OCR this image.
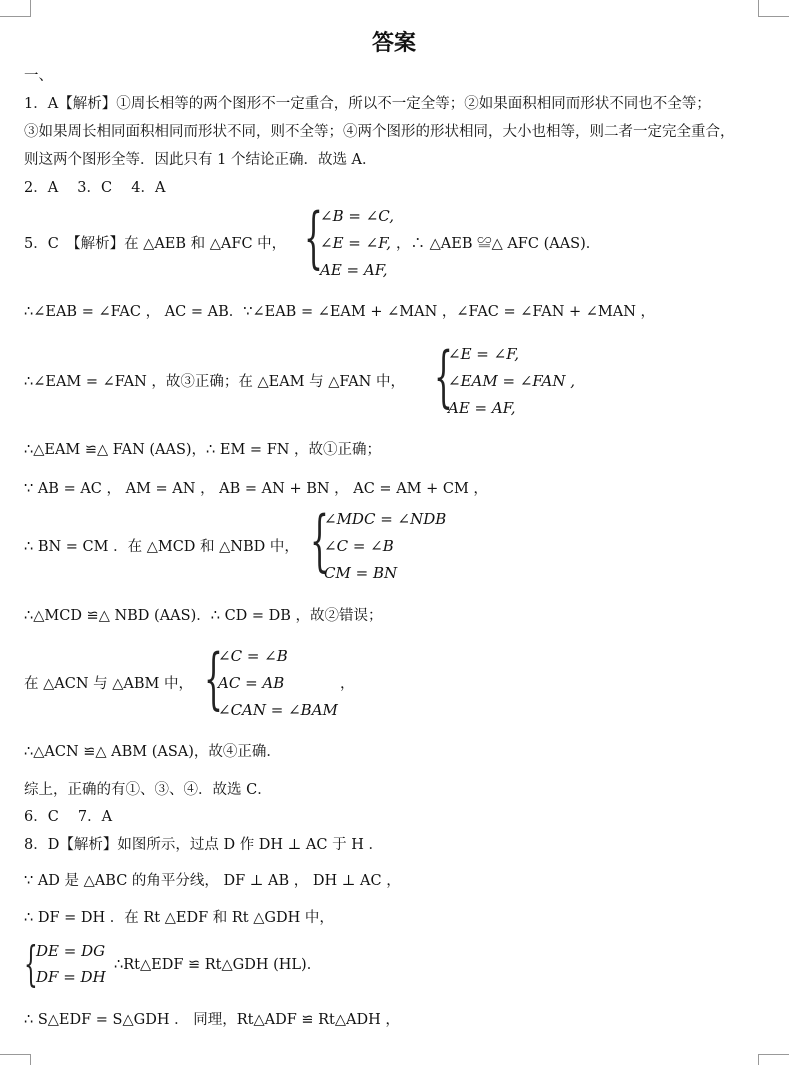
答案
一、
1．A【解析】①周长相等的两个图形不一定重合，所以不一定全等；②如果面积相同而形状不同也不全等；
③如果周长相同面积相同而形状不同，则不全等；④两个图形的形状相同，大小也相等，则二者一定完全重合，
则这两个图形全等．因此只有 1 个结论正确．故选 A．
2．A　 3．C　 4．A
5．C　【解析】在 △AEB 和 △AFC 中， {
∠B = ∠C,
∠E = ∠F,
AE = AF,
，∴ △AEB ≌△ AFC (AAS)．
∴∠EAB = ∠FAC ， AC = AB．∵∠EAB = ∠EAM + ∠MAN ，∠FAC = ∠FAN + ∠MAN ，
∴∠EAM = ∠FAN ，故③正确；在 △EAM 与 △FAN 中， {
∠E = ∠F,
∠EAM = ∠FAN ,
AE = AF,
∴△EAM ≌△ FAN (AAS)，∴ EM = FN ，故①正确；
∵ AB = AC ， AM = AN ， AB = AN + BN ， AC = AM + CM ，
∴ BN = CM ．在 △MCD 和 △NBD 中， {
∠MDC = ∠NDB
∠C = ∠B
CM = BN
∴△MCD ≌△ NBD (AAS)．∴ CD = DB ，故②错误；
在 △ACN 与 △ABM 中， {
∠C = ∠B
AC = AB
∠CAN = ∠BAM
，
∴△ACN ≌△ ABM (ASA)，故④正确．
综上，正确的有①、③、④．故选 C．
6．C　 7．A
8．D【解析】如图所示，过点 D 作 DH ⊥ AC 于 H ．
∵ AD 是 △ABC 的角平分线， DF ⊥ AB ， DH ⊥ AC ，
∴ DF = DH ．在 Rt △EDF 和 Rt △GDH 中，
{
DE = DG
DF = DH
∴Rt△EDF ≌ Rt△GDH (HL)．
∴ S△EDF = S△GDH ． 同理，Rt△ADF ≌ Rt△ADH ，
